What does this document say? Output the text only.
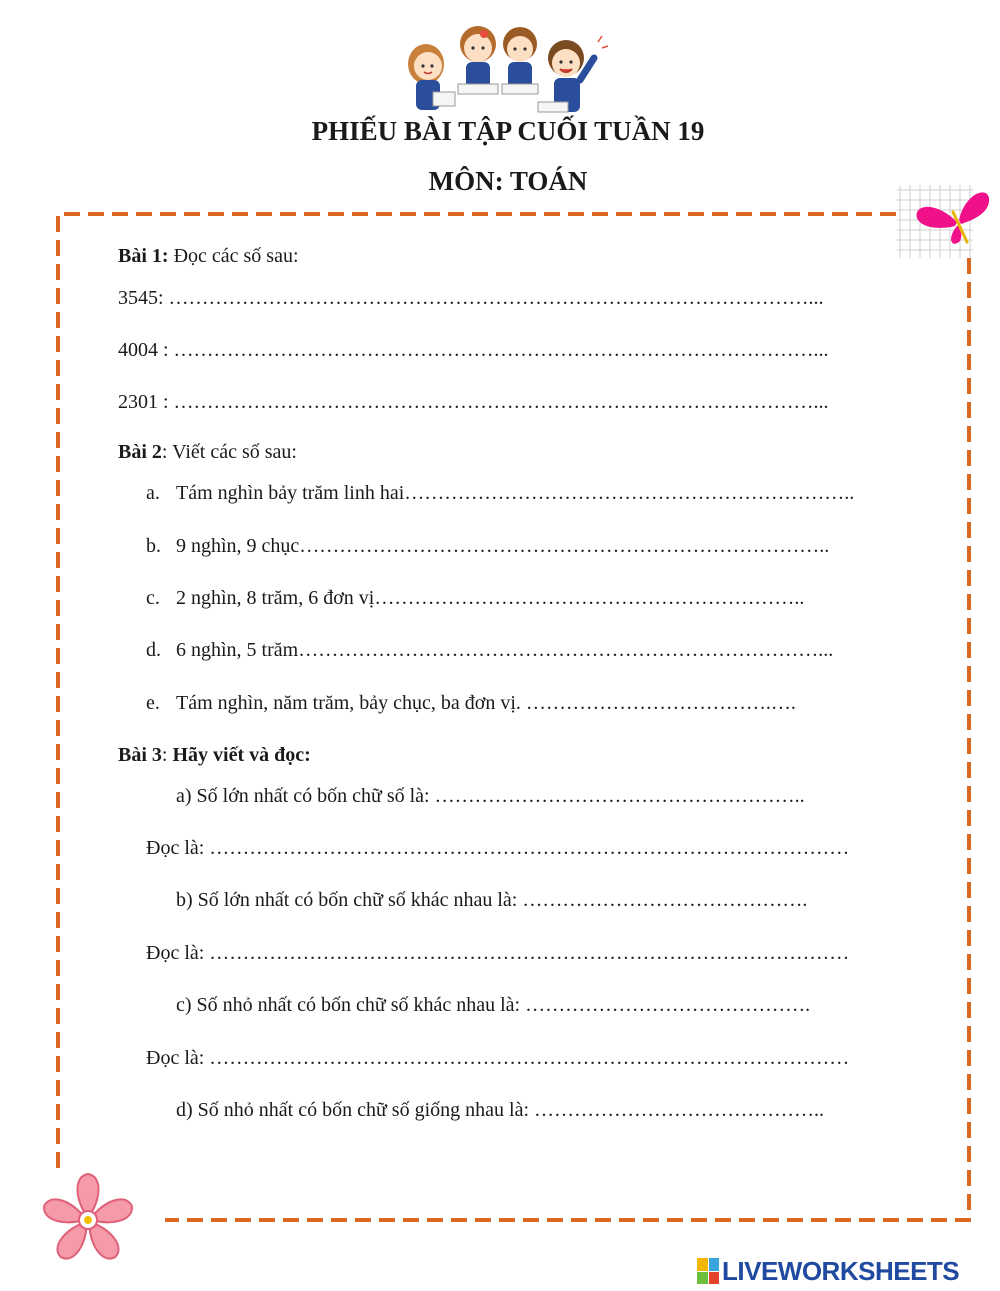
PHIẾU BÀI TẬP CUỐI TUẦN 19
MÔN: TOÁN
Bài 1: Đọc các số sau:
3545: ……………………………………………………………………………………...
4004 : ……………………………………………………………………………………...
2301 : ……………………………………………………………………………………...
Bài 2: Viết các số sau:
a. Tám nghìn bảy trăm linh hai…………………………………………………………..
b. 9 nghìn, 9 chục……………………………………………………………………..
c. 2 nghìn, 8 trăm, 6 đơn vị………………………………………………………..
d. 6 nghìn, 5 trăm……………………………………………………………………...
e. Tám nghìn, năm trăm, bảy chục, ba đơn vị. ……………………………….….
Bài 3: Hãy viết và đọc:
a) Số lớn nhất có bốn chữ số là: ………………………………………………..
Đọc là: ……………………………………………………………………………………
b) Số lớn nhất có bốn chữ số khác nhau là: …………………………………….
Đọc là: ……………………………………………………………………………………
c) Số nhỏ nhất có bốn chữ số khác nhau là: …………………………………….
Đọc là: ……………………………………………………………………………………
d) Số nhỏ nhất có bốn chữ số giống nhau là: ……………………………………..
LIVEWORKSHEETS
